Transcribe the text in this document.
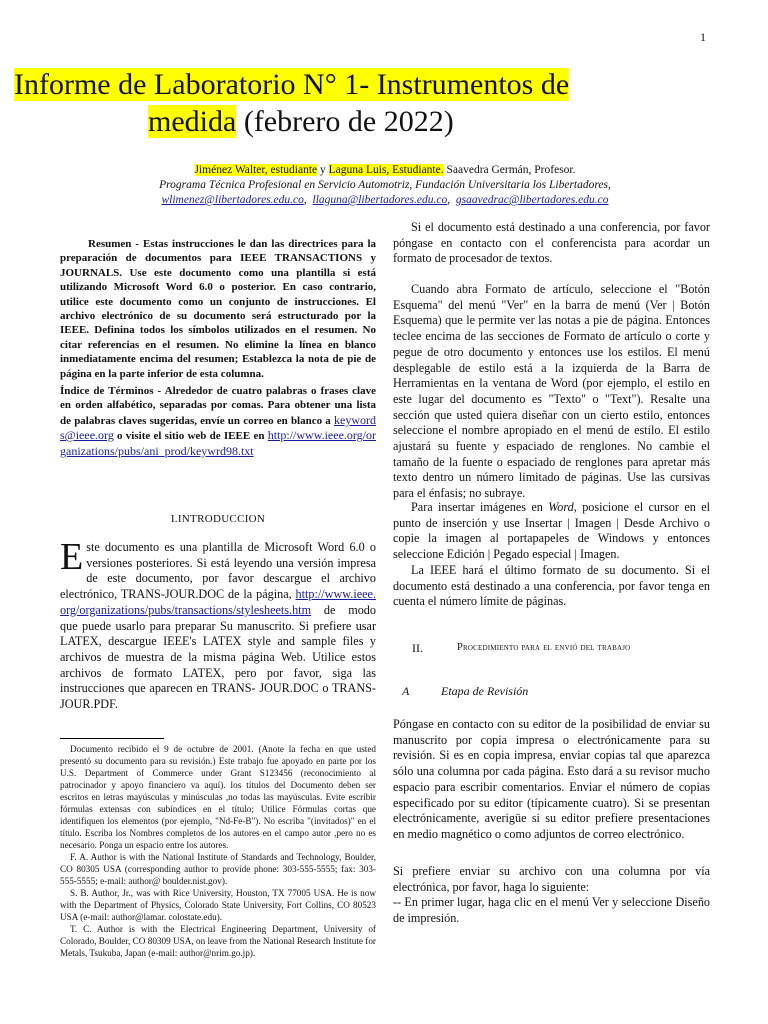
1
Informe de Laboratorio N° 1- Instrumentos de

medida (febrero de 2022)
Jiménez Walter, estudiante y Laguna Luis, Estudiante. Saavedra Germán, Profesor.
Programa Técnica Profesional en Servicio Automotriz, Fundación Universitaria los Libertadores,
wlimenez@libertadores.edu.co,  llaguna@libertadores.edu.co,  gsaavedrac@libertadores.edu.co
Resumen - Estas instrucciones le dan las directrices para la preparación de documentos para IEEE TRANSACTIONS y JOURNALS. Use este documento como una plantilla si está utilizando Microsoft Word 6.0 o posterior. En caso contrario, utilice este documento como un conjunto de instrucciones. El archivo electrónico de su documento será estructurado por la IEEE. Definina todos los símbolos utilizados en el resumen. No citar referencias en el resumen. No elimine la línea en blanco inmediatamente encima del resumen; Establezca la nota de pie de página en la parte inferior de esta columna.
Índice de Términos - Alrededor de cuatro palabras o frases clave en orden alfabético, separadas por comas. Para obtener una lista de palabras claves sugeridas, envíe un correo en blanco a keywords@ieee.org o visite el sitio web de IEEE en http://www.ieee.org/organizations/pubs/ani_prod/keywrd98.txt
I.INTRODUCCION
Este documento es una plantilla de Microsoft Word 6.0 o versiones posteriores. Si está leyendo una versión impresa de este documento, por favor descargue el archivo electrónico, TRANS-JOUR.DOC de la página, http://www.ieee.org/organizations/pubs/transactions/stylesheets.htm de modo que puede usarlo para preparar Su manuscrito. Si prefiere usar LATEX, descargue IEEE's LATEX style and sample files y archivos de muestra de la misma página Web. Utilice estos archivos de formato LATEX, pero por favor, siga las instrucciones que aparecen en TRANS- JOUR.DOC o TRANS-JOUR.PDF.

Documento recibido el 9 de octubre de 2001. (Anote la fecha en que usted presentó su documento para su revisión.) Este trabajo fue apoyado en parte por los U.S. Department of Commerce under Grant S123456 (reconocimiento al patrocinador y apoyo financiero va aquí). los títulos del Documento deben ser escritos en letras mayúsculas y minúsculas ,no todas las mayúsculas. Evite escribir fórmulas extensas con subíndices en el título; Utilice Fórmulas cortas que identifiquen los elementos (por ejemplo, "Nd-Fe-B"). No escriba "(invitados)" en el título. Escriba los Nombres completos de los autores en el campo autor ,pero no es necesario. Ponga un espacio entre los autores.

F. A. Author is with the National Institute of Standards and Technology, Boulder, CO 80305 USA (corresponding author to provide phone: 303-555-5555; fax: 303-555-5555; e-mail: author@ boulder.nist.gov).

S. B. Author, Jr., was with Rice University, Houston, TX 77005 USA. He is now with the Department of Physics, Colorado State University, Fort Collins, CO 80523 USA (e-mail: author@lamar. colostate.edu).

T. C. Author is with the Electrical Engineering Department, University of Colorado, Boulder, CO 80309 USA, on leave from the National Research Institute for Metals, Tsukuba, Japan (e-mail: author@nrim.go.jp).

Si el documento está destinado a una conferencia, por favor póngase en contacto con el conferencista para acordar un formato de procesador de textos.
Cuando abra Formato de artículo, seleccione el "Botón Esquema" del menú "Ver" en la barra de menú (Ver | Botón Esquema) que le permite ver las notas a pie de página. Entonces teclee encima de las secciones de Formato de artículo o corte y pegue de otro documento y entonces use los estilos. El menú desplegable de estilo está a la izquierda de la Barra de Herramientas en la ventana de Word (por ejemplo, el estilo en este lugar del documento es "Texto" o "Text"). Resalte una sección que usted quiera diseñar con un cierto estilo, entonces seleccione el nombre apropiado en el menú de estilo. El estilo ajustará su fuente y espaciado de renglones. No cambie el tamaño de la fuente o espaciado de renglones para apretar más texto dentro un número limitado de páginas. Use las cursivas para el énfasis; no subraye.
Para insertar imágenes en Word, posicione el cursor en el punto de inserción y use Insertar | Imagen | Desde Archivo o copie la imagen al portapapeles de Windows y entonces seleccione Edición | Pegado especial | Imagen.
La IEEE hará el último formato de su documento. Si el documento está destinado a una conferencia, por favor tenga en cuenta el número límite de páginas.
II.	Procedimiento para el envió del trabajo
A	Etapa de Revisión
Póngase en contacto con su editor de la posibilidad de enviar su manuscrito por copia impresa o electrónicamente para su revisión. Si es en copia impresa, enviar copias tal que aparezca sólo una columna por cada página. Esto dará a su revisor mucho espacio para escribir comentarios. Enviar el número de copias especificado por su editor (típicamente cuatro). Si se presentan electrónicamente, averigüe si su editor prefiere presentaciones en medio magnético o como adjuntos de correo electrónico.
Si prefiere enviar su archivo con una columna por vía electrónica, por favor, haga lo siguiente:
-- En primer lugar, haga clic en el menú Ver y seleccione Diseño de impresión.
